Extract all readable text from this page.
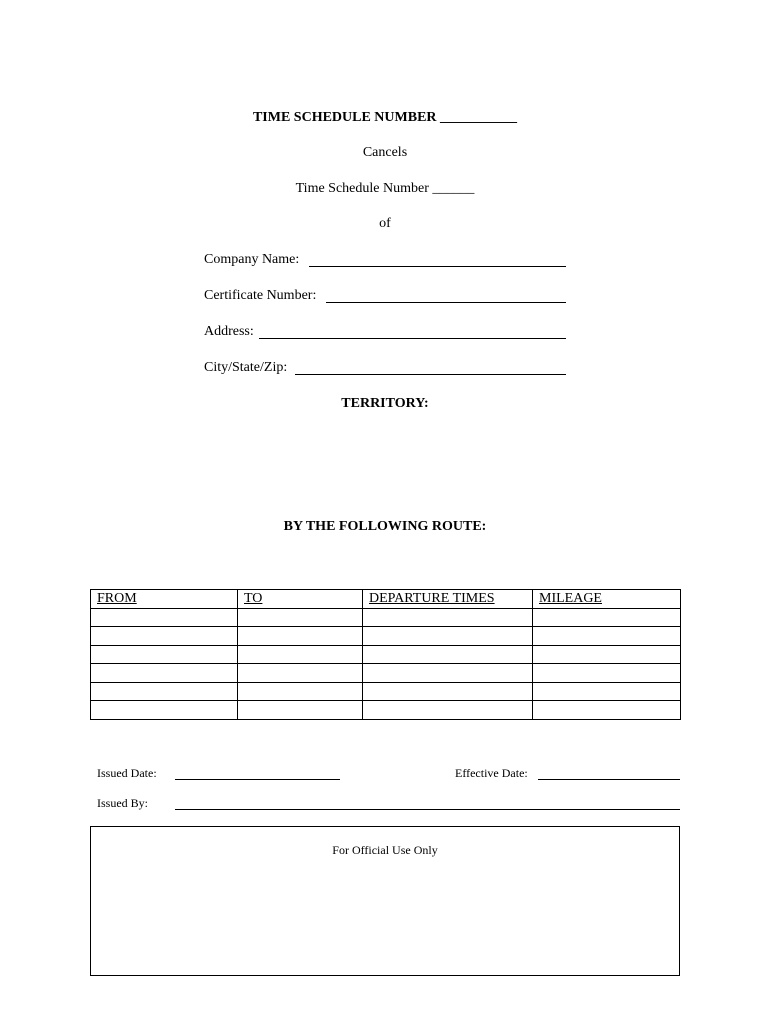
TIME SCHEDULE NUMBER ___________
Cancels
Time Schedule Number ______
of
Company Name:
Certificate Number:
Address:
City/State/Zip:
TERRITORY:
BY THE FOLLOWING ROUTE:
FROM	TO	DEPARTURE TIMES	MILEAGE

Issued Date:	Effective Date:
Issued By:
For Official Use Only
